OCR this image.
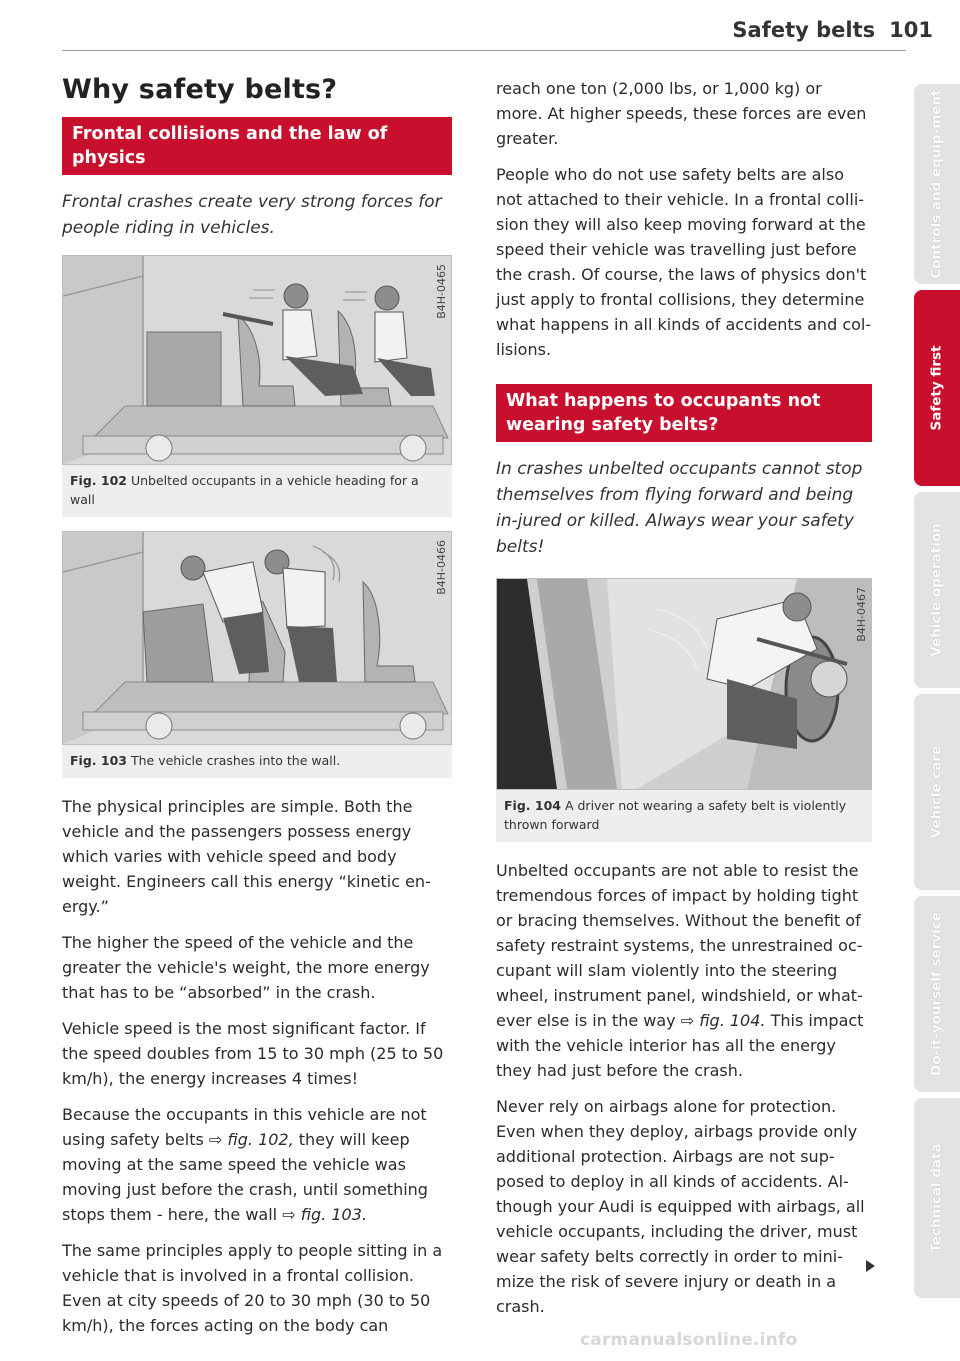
Safety belts 101
Why safety belts?
Frontal collisions and the law of physics
Frontal crashes create very strong forces for people riding in vehicles.
B4H-0465
Fig. 102 Unbelted occupants in a vehicle heading for a wall
B4H-0466
Fig. 103 The vehicle crashes into the wall.

The physical principles are simple. Both the vehicle and the passengers possess energy which varies with vehicle speed and body weight. Engineers call this energy “kinetic en-ergy.”

The higher the speed of the vehicle and the greater the vehicle's weight, the more energy that has to be “absorbed” in the crash.

Vehicle speed is the most significant factor. If the speed doubles from 15 to 30 mph (25 to 50 km/h), the energy increases 4 times!

Because the occupants in this vehicle are not using safety belts ⇨ fig. 102, they will keep moving at the same speed the vehicle was moving just before the crash, until something stops them - here, the wall ⇨ fig. 103.

The same principles apply to people sitting in a vehicle that is involved in a frontal collision. Even at city speeds of 20 to 30 mph (30 to 50 km/h), the forces acting on the body can

reach one ton (2,000 lbs, or 1,000 kg) or more. At higher speeds, these forces are even greater.

People who do not use safety belts are also not attached to their vehicle. In a frontal colli-sion they will also keep moving forward at the speed their vehicle was travelling just before the crash. Of course, the laws of physics don't just apply to frontal collisions, they determine what happens in all kinds of accidents and col-lisions.

What happens to occupants not wearing safety belts?
In crashes unbelted occupants cannot stop themselves from flying forward and being in-jured or killed. Always wear your safety belts!
B4H-0467
Fig. 104 A driver not wearing a safety belt is violently thrown forward

Unbelted occupants are not able to resist the tremendous forces of impact by holding tight or bracing themselves. Without the benefit of safety restraint systems, the unrestrained oc-cupant will slam violently into the steering wheel, instrument panel, windshield, or what-ever else is in the way ⇨ fig. 104. This impact with the vehicle interior has all the energy they had just before the crash.

Never rely on airbags alone for protection. Even when they deploy, airbags provide only additional protection. Airbags are not sup-posed to deploy in all kinds of accidents. Al-though your Audi is equipped with airbags, all vehicle occupants, including the driver, must wear safety belts correctly in order to mini-mize the risk of severe injury or death in a crash.

Controls and equip-ment
Safety first
Vehicle operation
Vehicle care
Do-it-yourself service
Technical data
carmanualsonline.info
